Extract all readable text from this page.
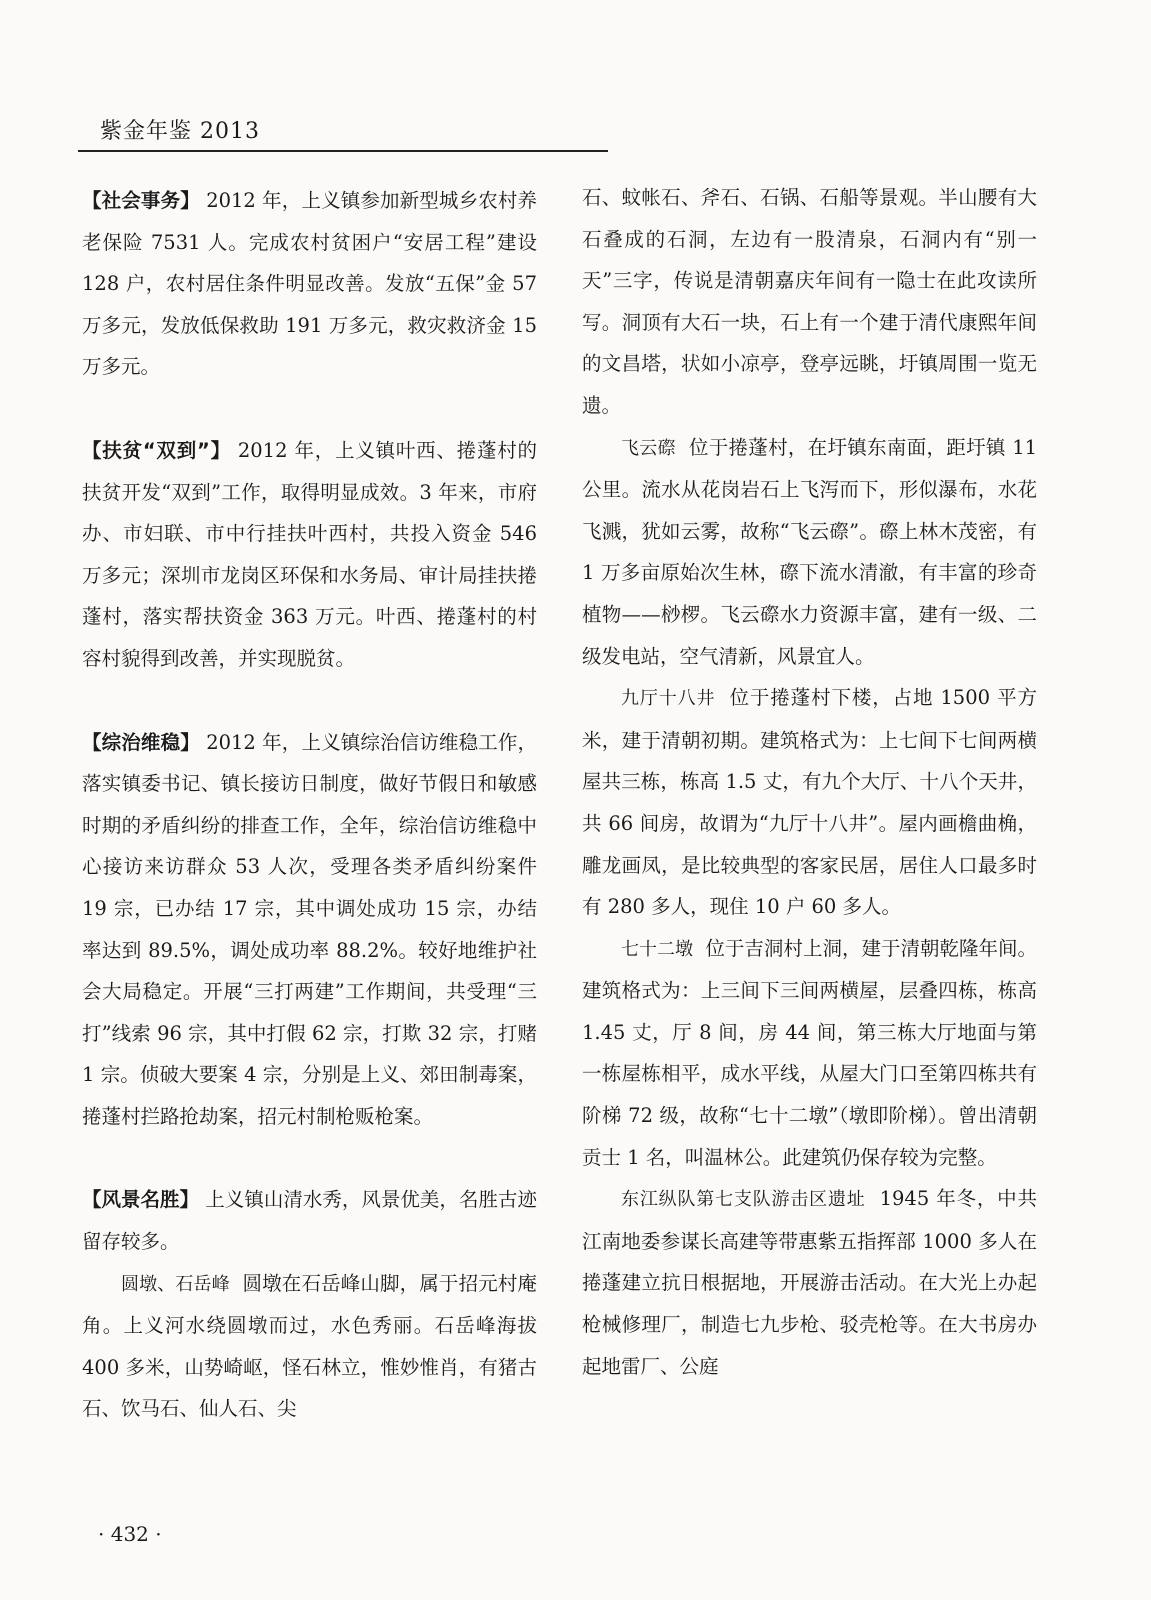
紫金年鉴 2013

【社会事务】 2012 年，上义镇参加新型城乡农村养老保险 7531 人。完成农村贫困户“安居工程”建设 128 户，农村居住条件明显改善。发放“五保”金 57 万多元，发放低保救助 191 万多元，救灾救济金 15 万多元。

【扶贫“双到”】 2012 年，上义镇叶西、捲蓬村的扶贫开发“双到”工作，取得明显成效。3 年来，市府办、市妇联、市中行挂扶叶西村，共投入资金 546 万多元；深圳市龙岗区环保和水务局、审计局挂扶捲蓬村，落实帮扶资金 363 万元。叶西、捲蓬村的村容村貌得到改善，并实现脱贫。

【综治维稳】 2012 年，上义镇综治信访维稳工作，落实镇委书记、镇长接访日制度，做好节假日和敏感时期的矛盾纠纷的排查工作，全年，综治信访维稳中心接访来访群众 53 人次，受理各类矛盾纠纷案件 19 宗，已办结 17 宗，其中调处成功 15 宗，办结率达到 89.5%，调处成功率 88.2%。较好地维护社会大局稳定。开展“三打两建”工作期间，共受理“三打”线索 96 宗，其中打假 62 宗，打欺 32 宗，打赌 1 宗。侦破大要案 4 宗，分别是上义、郊田制毒案，捲蓬村拦路抢劫案，招元村制枪贩枪案。

【风景名胜】 上义镇山清水秀，风景优美，名胜古迹留存较多。

圆墩、石岳峰 圆墩在石岳峰山脚，属于招元村庵角。上义河水绕圆墩而过，水色秀丽。石岳峰海拔 400 多米，山势崎岖，怪石林立，惟妙惟肖，有猪古石、饮马石、仙人石、尖

石、蚊帐石、斧石、石锅、石船等景观。半山腰有大石叠成的石洞，左边有一股清泉，石洞内有“别一天”三字，传说是清朝嘉庆年间有一隐士在此攻读所写。洞顶有大石一块，石上有一个建于清代康熙年间的文昌塔，状如小凉亭，登亭远眺，圩镇周围一览无遗。

飞云磜 位于捲蓬村，在圩镇东南面，距圩镇 11 公里。流水从花岗岩石上飞泻而下，形似瀑布，水花飞溅，犹如云雾，故称“飞云磜”。磜上林木茂密，有 1 万多亩原始次生林，磜下流水清澈，有丰富的珍奇植物——桫椤。飞云磜水力资源丰富，建有一级、二级发电站，空气清新，风景宜人。

九厅十八井 位于捲蓬村下楼，占地 1500 平方米，建于清朝初期。建筑格式为：上七间下七间两横屋共三栋，栋高 1.5 丈，有九个大厅、十八个天井，共 66 间房，故谓为“九厅十八井”。屋内画檐曲桷，雕龙画凤，是比较典型的客家民居，居住人口最多时有 280 多人，现住 10 户 60 多人。

七十二墩 位于吉洞村上洞，建于清朝乾隆年间。建筑格式为：上三间下三间两横屋，层叠四栋，栋高 1.45 丈，厅 8 间，房 44 间，第三栋大厅地面与第一栋屋栋相平，成水平线，从屋大门口至第四栋共有阶梯 72 级，故称“七十二墩”（墩即阶梯）。曾出清朝贡士 1 名，叫温林公。此建筑仍保存较为完整。

东江纵队第七支队游击区遗址 1945 年冬，中共江南地委参谋长高建等带惠紫五指挥部 1000 多人在捲蓬建立抗日根据地，开展游击活动。在大光上办起枪械修理厂，制造七九步枪、驳壳枪等。在大书房办起地雷厂、公庭

· 432 ·
